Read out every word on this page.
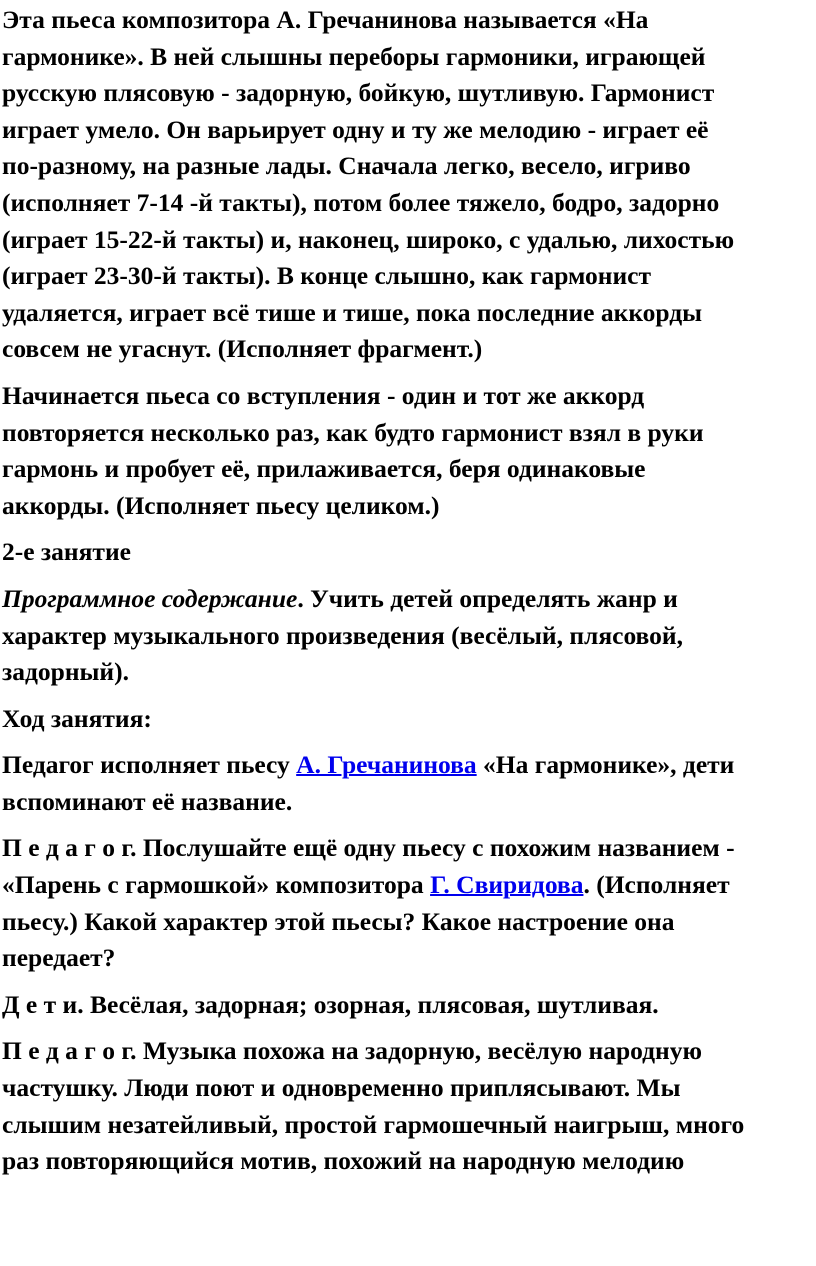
Эта пьеса композитора А. Гречанинова называется «На
гармонике». В ней слышны переборы гармоники, играющей
русскую плясовую - задорную, бойкую, шутливую. Гармонист
играет умело. Он варьирует одну и ту же мелодию - играет её
по-разному, на разные лады. Сначала легко, весело, игриво
(исполняет 7-14 -й такты), потом более тяжело, бодро, задорно
(играет 15-22-й такты) и, наконец, широко, с удалью, лихостью
(играет 23-30-й такты). В конце слышно, как гармонист
удаляется, играет всё тише и тише, пока последние аккорды
совсем не угаснут. (Исполняет фрагмент.)
Начинается пьеса со вступления - один и тот же аккорд
повторяется несколько раз, как будто гармонист взял в руки
гармонь и пробует её, прилаживается, беря одинаковые
аккорды. (Исполняет пьесу целиком.)
2-е занятие
Программное содержание. Учить детей определять жанр и
характер музыкального произведения (весёлый, плясовой,
задорный).
Ход занятия:
Педагог исполняет пьесу А. Гречанинова «На гармонике», дети
вспоминают её название.
П е д а г о г. Послушайте ещё одну пьесу с похожим названием -
«Парень с гармошкой» композитора Г. Свиридова. (Исполняет
пьесу.) Какой характер этой пьесы? Какое настроение она
передает?
Д е т и. Весёлая, задорная; озорная, плясовая, шутливая.
П е д а г о г. Музыка похожа на задорную, весёлую народную
частушку. Люди поют и одновременно приплясывают. Мы
слышим незатейливый, простой гармошечный наигрыш, много
раз повторяющийся мотив, похожий на народную мелодию
